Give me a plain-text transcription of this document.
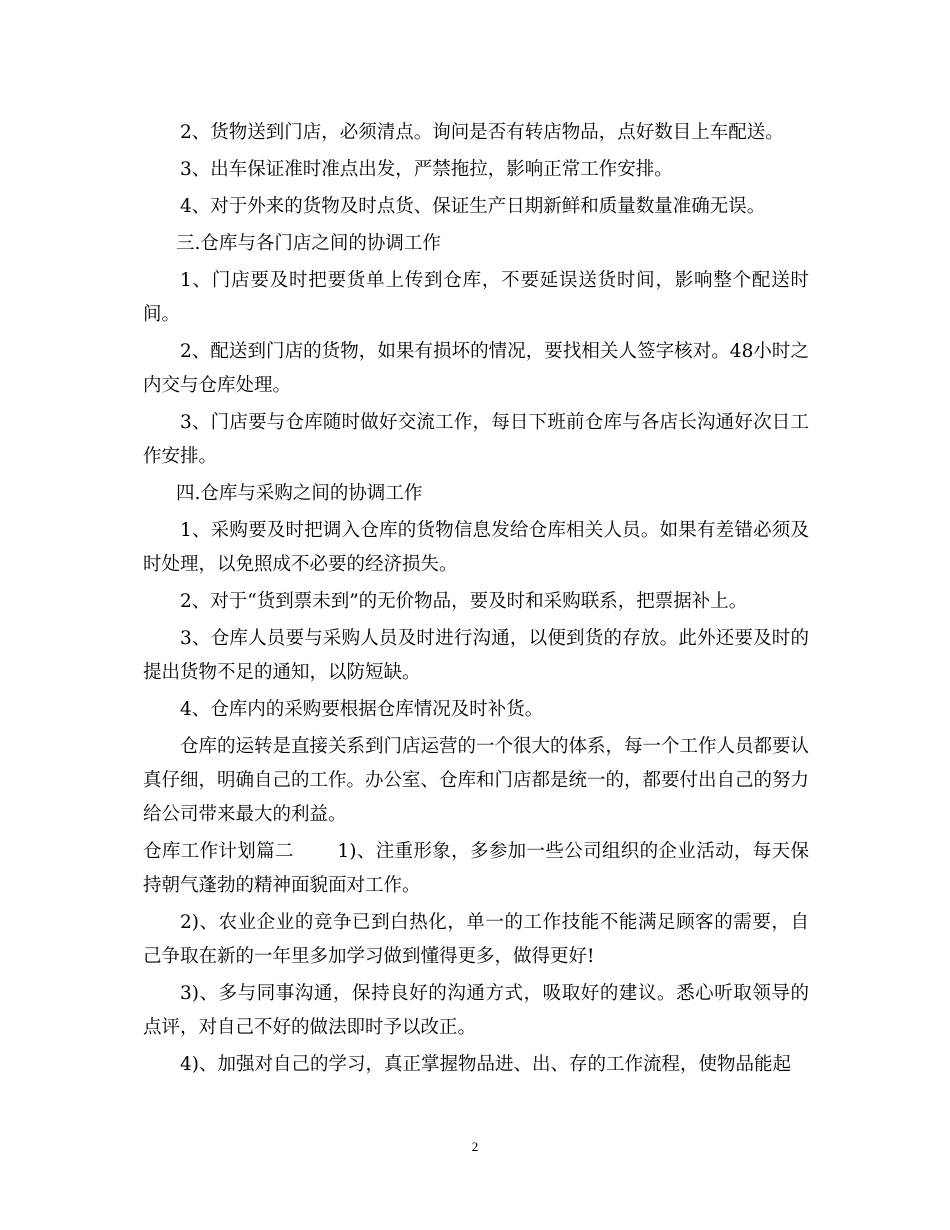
2、货物送到门店，必须清点。询问是否有转店物品，点好数目上车配送。

3、出车保证准时准点出发，严禁拖拉，影响正常工作安排。

4、对于外来的货物及时点货、保证生产日期新鲜和质量数量准确无误。

三.仓库与各门店之间的协调工作

1、门店要及时把要货单上传到仓库，不要延误送货时间，影响整个配送时间。

2、配送到门店的货物，如果有损坏的情况，要找相关人签字核对。48小时之内交与仓库处理。

3、门店要与仓库随时做好交流工作，每日下班前仓库与各店长沟通好次日工作安排。

四.仓库与采购之间的协调工作

1、采购要及时把调入仓库的货物信息发给仓库相关人员。如果有差错必须及时处理，以免照成不必要的经济损失。

2、对于“货到票未到”的无价物品，要及时和采购联系，把票据补上。

3、仓库人员要与采购人员及时进行沟通，以便到货的存放。此外还要及时的提出货物不足的通知，以防短缺。

4、仓库内的采购要根据仓库情况及时补货。

仓库的运转是直接关系到门店运营的一个很大的体系，每一个工作人员都要认真仔细，明确自己的工作。办公室、仓库和门店都是统一的，都要付出自己的努力给公司带来最大的利益。

仓库工作计划篇二 1)、注重形象，多参加一些公司组织的企业活动，每天保持朝气蓬勃的精神面貌面对工作。

2)、农业企业的竞争已到白热化，单一的工作技能不能满足顾客的需要，自己争取在新的一年里多加学习做到懂得更多，做得更好!

3)、多与同事沟通，保持良好的沟通方式，吸取好的建议。悉心听取领导的点评，对自己不好的做法即时予以改正。

4)、加强对自己的学习，真正掌握物品进、出、存的工作流程，使物品能起

2
